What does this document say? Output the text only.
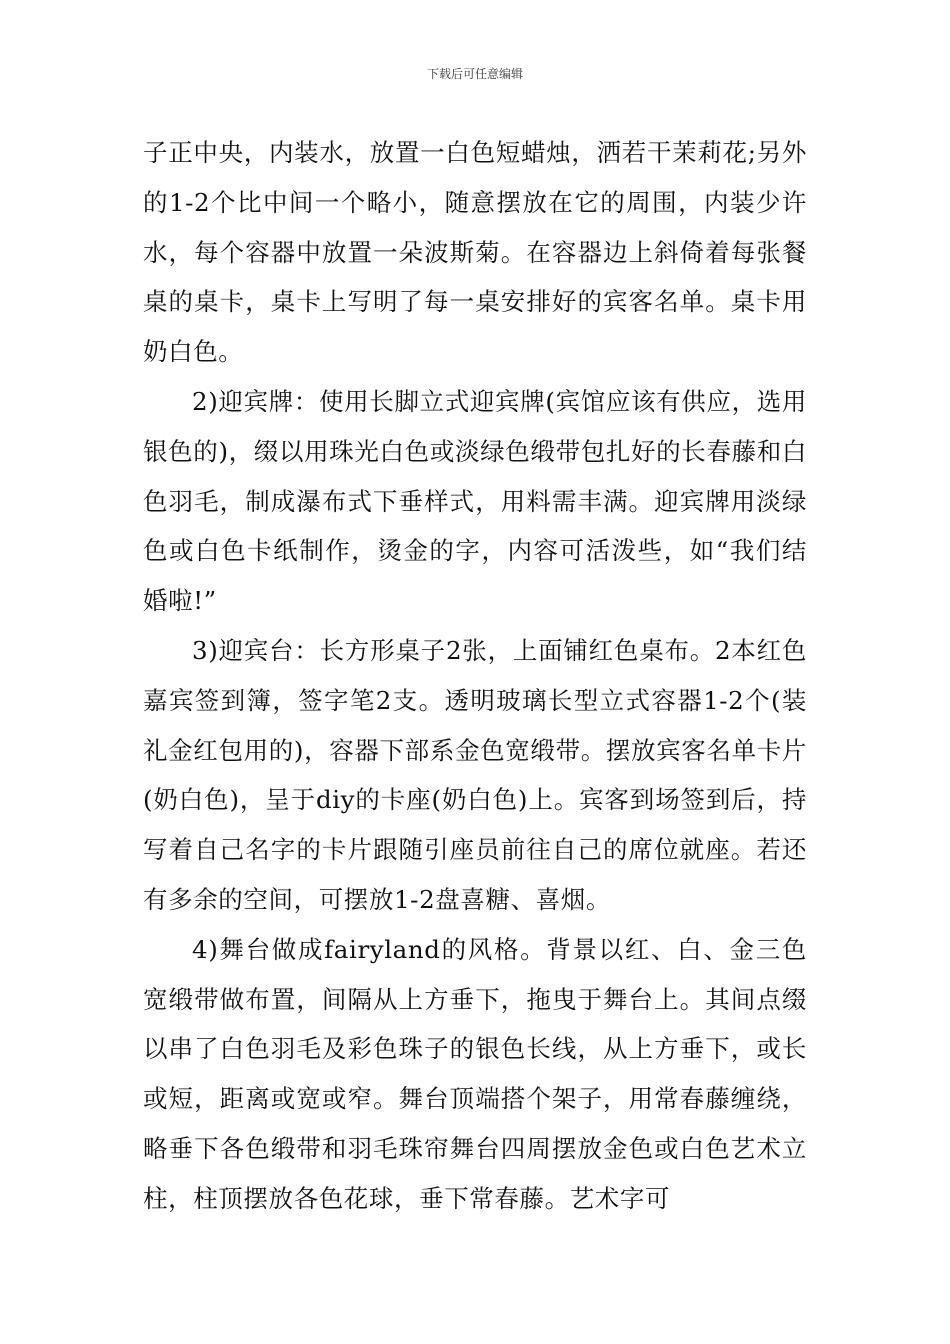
下载后可任意编辑

子正中央，内装水，放置一白色短蜡烛，洒若干茉莉花;另外的1-2个比中间一个略小，随意摆放在它的周围，内装少许水，每个容器中放置一朵波斯菊。在容器边上斜倚着每张餐桌的桌卡，桌卡上写明了每一桌安排好的宾客名单。桌卡用奶白色。

2)迎宾牌：使用长脚立式迎宾牌(宾馆应该有供应，选用银色的)，缀以用珠光白色或淡绿色缎带包扎好的长春藤和白色羽毛，制成瀑布式下垂样式，用料需丰满。迎宾牌用淡绿色或白色卡纸制作，烫金的字，内容可活泼些，如“我们结婚啦!”

3)迎宾台：长方形桌子2张，上面铺红色桌布。2本红色嘉宾签到簿，签字笔2支。透明玻璃长型立式容器1-2个(装礼金红包用的)，容器下部系金色宽缎带。摆放宾客名单卡片(奶白色)，呈于diy的卡座(奶白色)上。宾客到场签到后，持写着自己名字的卡片跟随引座员前往自己的席位就座。若还有多余的空间，可摆放1-2盘喜糖、喜烟。

4)舞台做成fairyland的风格。背景以红、白、金三色宽缎带做布置，间隔从上方垂下，拖曳于舞台上。其间点缀以串了白色羽毛及彩色珠子的银色长线，从上方垂下，或长或短，距离或宽或窄。舞台顶端搭个架子，用常春藤缠绕，略垂下各色缎带和羽毛珠帘舞台四周摆放金色或白色艺术立柱，柱顶摆放各色花球，垂下常春藤。艺术字可
